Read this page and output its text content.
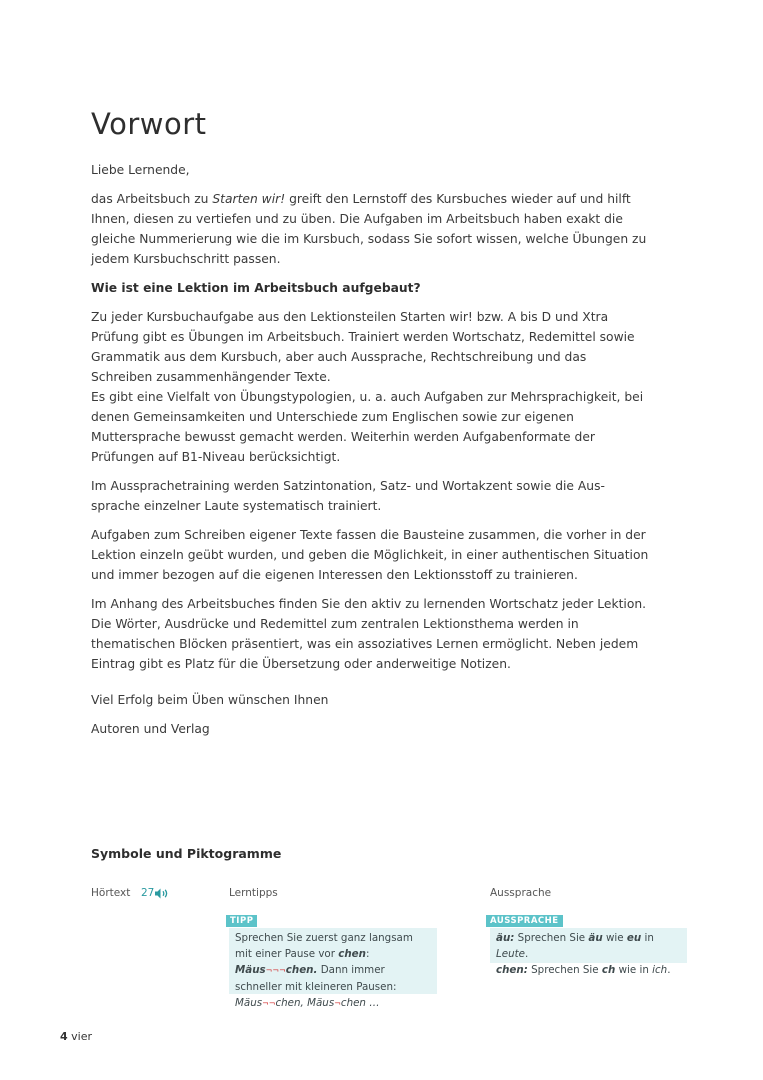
Vorwort

Liebe Lernende,

das Arbeitsbuch zu Starten wir! greift den Lernstoff des Kursbuches wieder auf und hilft Ihnen, diesen zu vertiefen und zu üben. Die Aufgaben im Arbeitsbuch haben exakt die gleiche Nummerierung wie die im Kursbuch, sodass Sie sofort wissen, welche Übungen zu jedem Kursbuchschritt passen.

Wie ist eine Lektion im Arbeitsbuch aufgebaut?

Zu jeder Kursbuchaufgabe aus den Lektionsteilen Starten wir! bzw. A bis D und Xtra Prüfung gibt es Übungen im Arbeitsbuch. Trainiert werden Wortschatz, Redemittel sowie Grammatik aus dem Kursbuch, aber auch Aussprache, Rechtschreibung und das Schreiben zusammenhängender Texte.

Es gibt eine Vielfalt von Übungstypologien, u. a. auch Aufgaben zur Mehrsprachigkeit, bei denen Gemeinsamkeiten und Unterschiede zum Englischen sowie zur eigenen Muttersprache bewusst gemacht werden. Weiterhin werden Aufgabenformate der Prüfungen auf B1-Niveau berücksichtigt.

Im Aussprachetraining werden Satzintonation, Satz- und Wortakzent sowie die Aus-sprache einzelner Laute systematisch trainiert.

Aufgaben zum Schreiben eigener Texte fassen die Bausteine zusammen, die vorher in der Lektion einzeln geübt wurden, und geben die Möglichkeit, in einer authentischen Situation und immer bezogen auf die eigenen Interessen den Lektionsstoff zu trainieren.

Im Anhang des Arbeitsbuches finden Sie den aktiv zu lernenden Wortschatz jeder Lektion. Die Wörter, Ausdrücke und Redemittel zum zentralen Lektionsthema werden in thematischen Blöcken präsentiert, was ein assoziatives Lernen ermöglicht. Neben jedem Eintrag gibt es Platz für die Übersetzung oder anderweitige Notizen.

Viel Erfolg beim Üben wünschen Ihnen

Autoren und Verlag

Symbole und Piktogramme
Hörtext 27	Lerntipps	Aussprache
TIPP
Sprechen Sie zuerst ganz langsam mit einer Pause vor chen: Mäus¬¬¬chen. Dann immer schneller mit kleineren Pausen: Mäus¬¬chen, Mäus¬chen …
AUSSPRACHE
äu: Sprechen Sie äu wie eu in Leute.
chen: Sprechen Sie ch wie in ich.
4 vier
